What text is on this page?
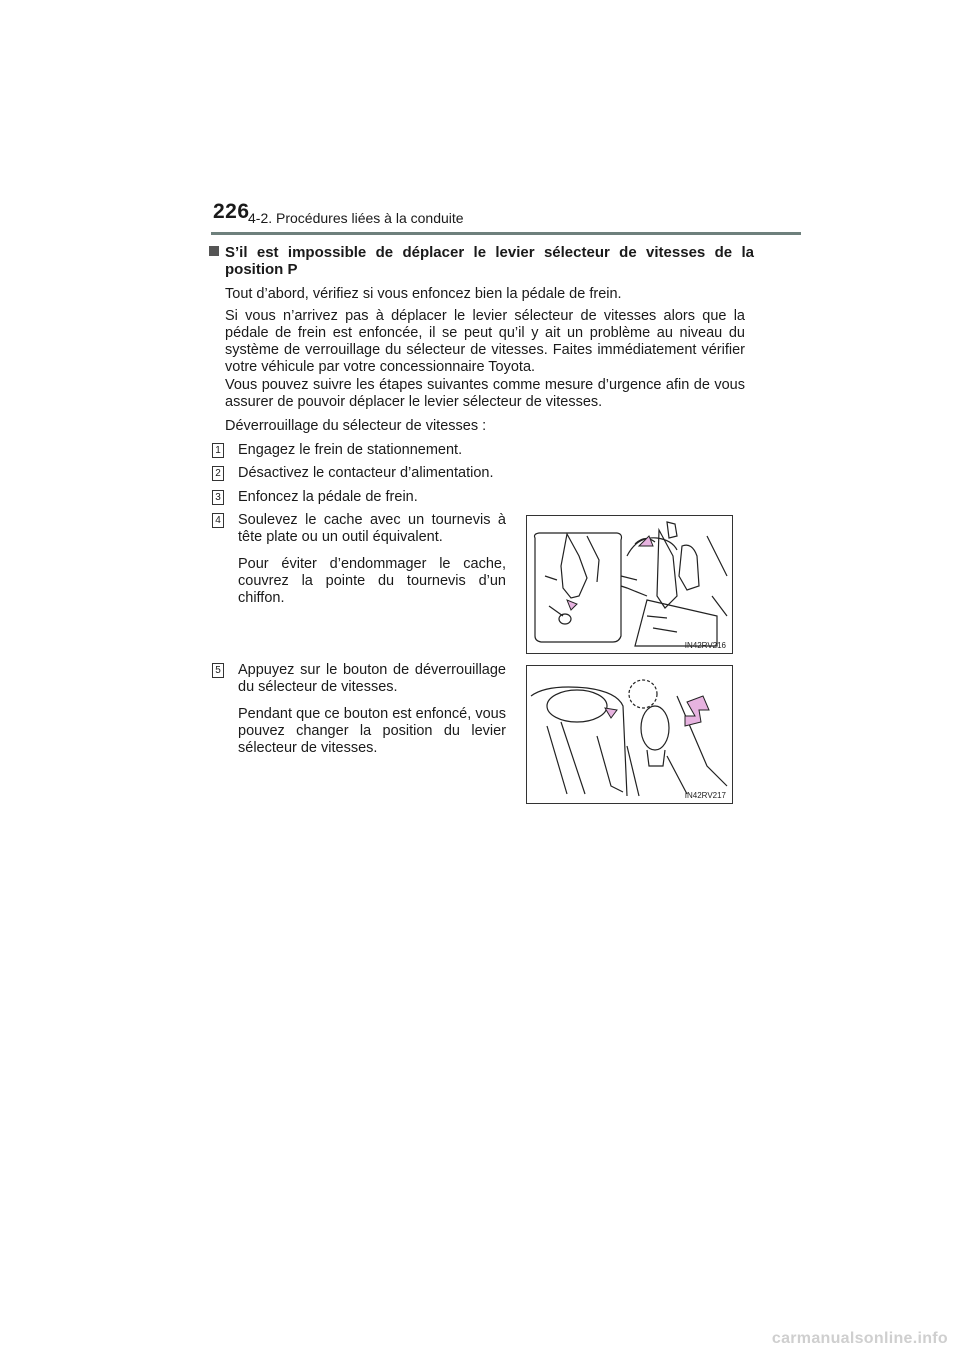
226
4-2. Procédures liées à la conduite
S’il est impossible de déplacer le levier sélecteur de vitesses de la position P
Tout d’abord, vérifiez si vous enfoncez bien la pédale de frein.
Si vous n’arrivez pas à déplacer le levier sélecteur de vitesses alors que la pédale de frein est enfoncée, il se peut qu’il y ait un problème au niveau du système de verrouillage du sélecteur de vitesses. Faites immédiatement vérifier votre véhicule par votre concessionnaire Toyota.
Vous pouvez suivre les étapes suivantes comme mesure d’urgence afin de vous assurer de pouvoir déplacer le levier sélecteur de vitesses.
Déverrouillage du sélecteur de vitesses :
1 Engagez le frein de stationnement.
2 Désactivez le contacteur d’alimentation.
3 Enfoncez la pédale de frein.
4 Soulevez le cache avec un tournevis à tête plate ou un outil équivalent.
Pour éviter d’endommager le cache, couvrez la pointe du tournevis d’un chiffon.
5 Appuyez sur le bouton de déverrouillage du sélecteur de vitesses.
Pendant que ce bouton est enfoncé, vous pouvez changer la position du levier sélecteur de vitesses.
IN42RV216
IN42RV217
carmanualsonline.info
